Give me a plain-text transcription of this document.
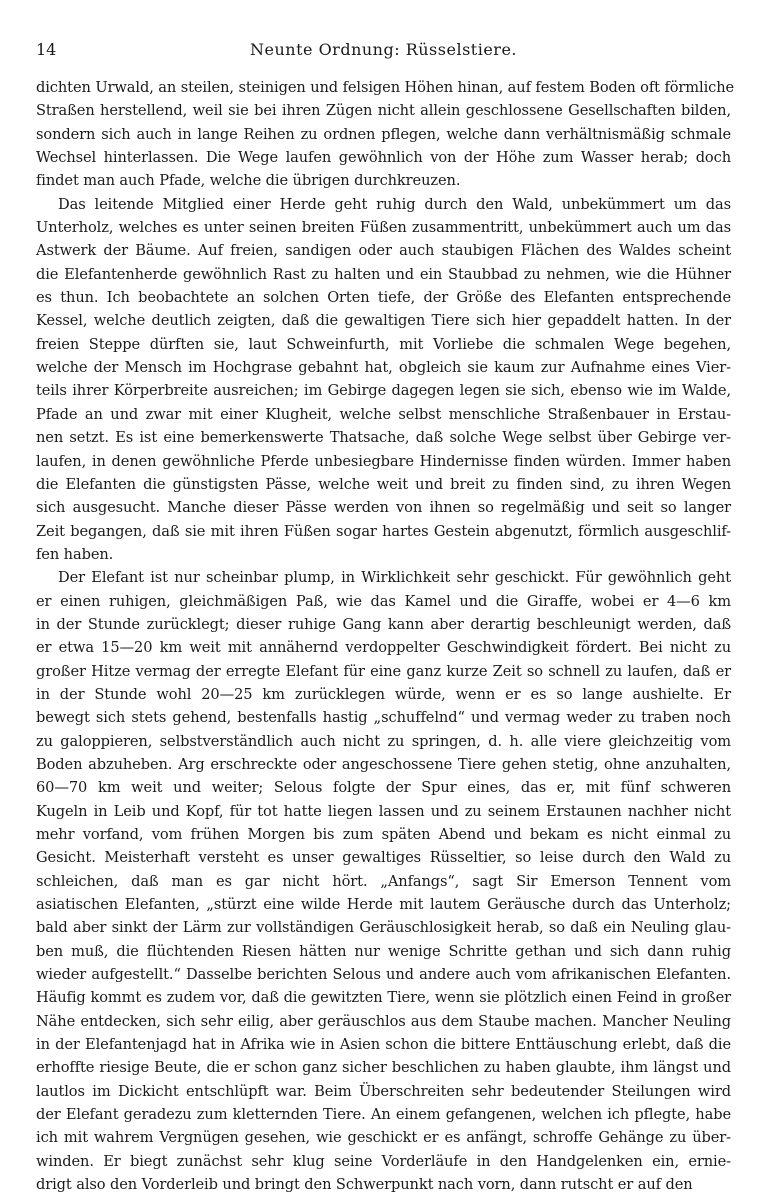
14	Neunte Ordnung: Rüsselstiere.
dichten Urwald, an steilen, steinigen und felsigen Höhen hinan, auf festem Boden oft förmliche
Straßen herstellend, weil sie bei ihren Zügen nicht allein geschlossene Gesellschaften bilden,
sondern sich auch in lange Reihen zu ordnen pflegen, welche dann verhältnismäßig schmale
Wechsel hinterlassen. Die Wege laufen gewöhnlich von der Höhe zum Wasser herab; doch
findet man auch Pfade, welche die übrigen durchkreuzen.
Das leitende Mitglied einer Herde geht ruhig durch den Wald, unbekümmert um das
Unterholz, welches es unter seinen breiten Füßen zusammentritt, unbekümmert auch um das
Astwerk der Bäume. Auf freien, sandigen oder auch staubigen Flächen des Waldes scheint
die Elefantenherde gewöhnlich Rast zu halten und ein Staubbad zu nehmen, wie die Hühner
es thun. Ich beobachtete an solchen Orten tiefe, der Größe des Elefanten entsprechende
Kessel, welche deutlich zeigten, daß die gewaltigen Tiere sich hier gepaddelt hatten. In der
freien Steppe dürften sie, laut Schweinfurth, mit Vorliebe die schmalen Wege begehen,
welche der Mensch im Hochgrase gebahnt hat, obgleich sie kaum zur Aufnahme eines Vier-
teils ihrer Körperbreite ausreichen; im Gebirge dagegen legen sie sich, ebenso wie im Walde,
Pfade an und zwar mit einer Klugheit, welche selbst menschliche Straßenbauer in Erstau-
nen setzt. Es ist eine bemerkenswerte Thatsache, daß solche Wege selbst über Gebirge ver-
laufen, in denen gewöhnliche Pferde unbesiegbare Hindernisse finden würden. Immer haben
die Elefanten die günstigsten Pässe, welche weit und breit zu finden sind, zu ihren Wegen
sich ausgesucht. Manche dieser Pässe werden von ihnen so regelmäßig und seit so langer
Zeit begangen, daß sie mit ihren Füßen sogar hartes Gestein abgenutzt, förmlich ausgeschlif-
fen haben.
Der Elefant ist nur scheinbar plump, in Wirklichkeit sehr geschickt. Für gewöhnlich geht
er einen ruhigen, gleichmäßigen Paß, wie das Kamel und die Giraffe, wobei er 4—6 km
in der Stunde zurücklegt; dieser ruhige Gang kann aber derartig beschleunigt werden, daß
er etwa 15—20 km weit mit annähernd verdoppelter Geschwindigkeit fördert. Bei nicht zu
großer Hitze vermag der erregte Elefant für eine ganz kurze Zeit so schnell zu laufen, daß er
in der Stunde wohl 20—25 km zurücklegen würde, wenn er es so lange aushielte. Er
bewegt sich stets gehend, bestenfalls hastig „schuffelnd“ und vermag weder zu traben noch
zu galoppieren, selbstverständlich auch nicht zu springen, d. h. alle viere gleichzeitig vom
Boden abzuheben. Arg erschreckte oder angeschossene Tiere gehen stetig, ohne anzuhalten,
60—70 km weit und weiter; Selous folgte der Spur eines, das er, mit fünf schweren
Kugeln in Leib und Kopf, für tot hatte liegen lassen und zu seinem Erstaunen nachher nicht
mehr vorfand, vom frühen Morgen bis zum späten Abend und bekam es nicht einmal zu
Gesicht. Meisterhaft versteht es unser gewaltiges Rüsseltier, so leise durch den Wald zu
schleichen, daß man es gar nicht hört. „Anfangs“, sagt Sir Emerson Tennent vom
asiatischen Elefanten, „stürzt eine wilde Herde mit lautem Geräusche durch das Unterholz;
bald aber sinkt der Lärm zur vollständigen Geräuschlosigkeit herab, so daß ein Neuling glau-
ben muß, die flüchtenden Riesen hätten nur wenige Schritte gethan und sich dann ruhig
wieder aufgestellt.“ Dasselbe berichten Selous und andere auch vom afrikanischen Elefanten.
Häufig kommt es zudem vor, daß die gewitzten Tiere, wenn sie plötzlich einen Feind in großer
Nähe entdecken, sich sehr eilig, aber geräuschlos aus dem Staube machen. Mancher Neuling
in der Elefantenjagd hat in Afrika wie in Asien schon die bittere Enttäuschung erlebt, daß die
erhoffte riesige Beute, die er schon ganz sicher beschlichen zu haben glaubte, ihm längst und
lautlos im Dickicht entschlüpft war. Beim Überschreiten sehr bedeutender Steilungen wird
der Elefant geradezu zum kletternden Tiere. An einem gefangenen, welchen ich pflegte, habe
ich mit wahrem Vergnügen gesehen, wie geschickt er es anfängt, schroffe Gehänge zu über-
winden. Er biegt zunächst sehr klug seine Vorderläufe in den Handgelenken ein, ernie-
drigt also den Vorderleib und bringt den Schwerpunkt nach vorn, dann rutscht er auf den
